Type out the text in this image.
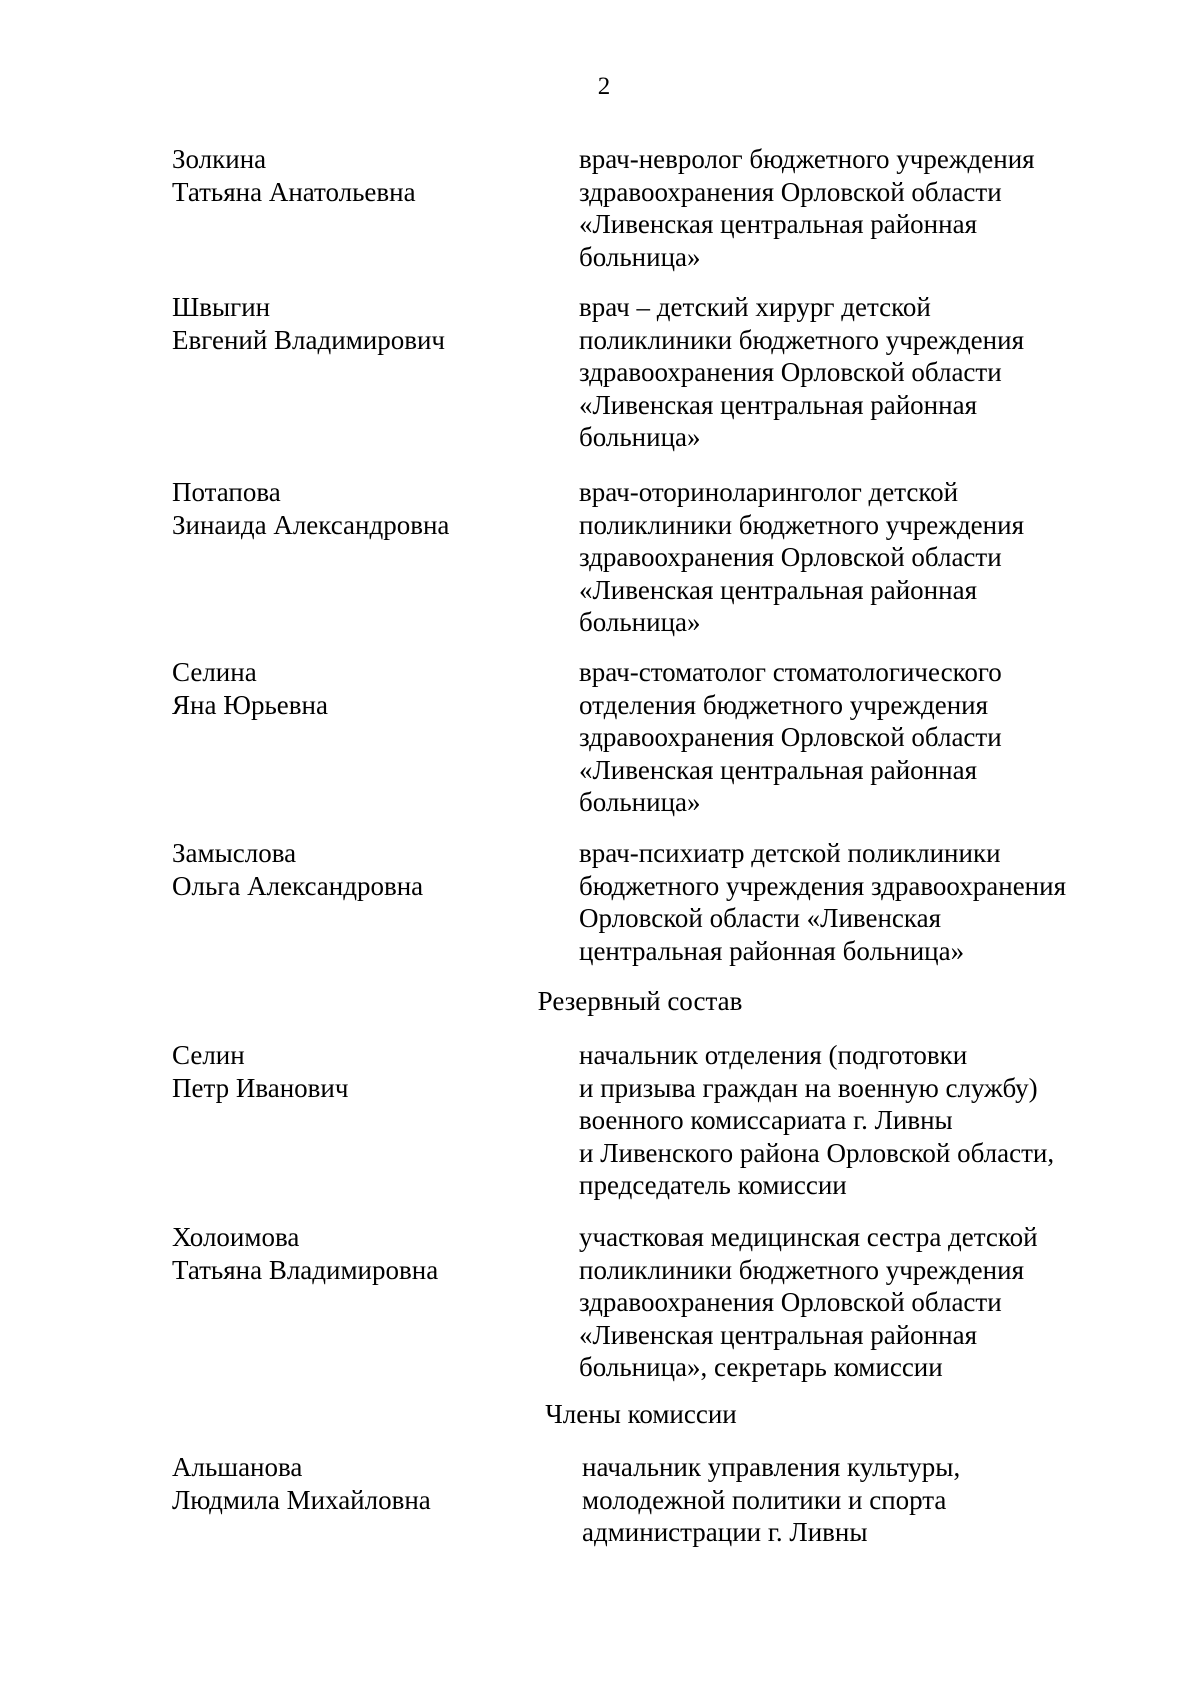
2
Золкина
Татьяна Анатольевна
врач-невролог бюджетного учреждения
здравоохранения Орловской области
«Ливенская центральная районная
больница»
Швыгин
Евгений Владимирович
врач – детский хирург детской
поликлиники бюджетного учреждения
здравоохранения Орловской области
«Ливенская центральная районная
больница»
Потапова
Зинаида Александровна
врач-оториноларинголог детской
поликлиники бюджетного учреждения
здравоохранения Орловской области
«Ливенская центральная районная
больница»
Селина
Яна Юрьевна
врач-стоматолог стоматологического
отделения бюджетного учреждения
здравоохранения Орловской области
«Ливенская центральная районная
больница»
Замыслова
Ольга Александровна
врач-психиатр детской поликлиники
бюджетного учреждения здравоохранения
Орловской области «Ливенская
центральная районная больница»
Резервный состав
Селин
Петр Иванович
начальник отделения (подготовки
и призыва граждан на военную службу)
военного комиссариата г. Ливны
и Ливенского района Орловской области,
председатель комиссии
Холоимова
Татьяна Владимировна
участковая медицинская сестра детской
поликлиники бюджетного учреждения
здравоохранения Орловской области
«Ливенская центральная районная
больница», секретарь комиссии
Члены комиссии
Альшанова
Людмила Михайловна
начальник управления культуры,
молодежной политики и спорта
администрации г. Ливны
